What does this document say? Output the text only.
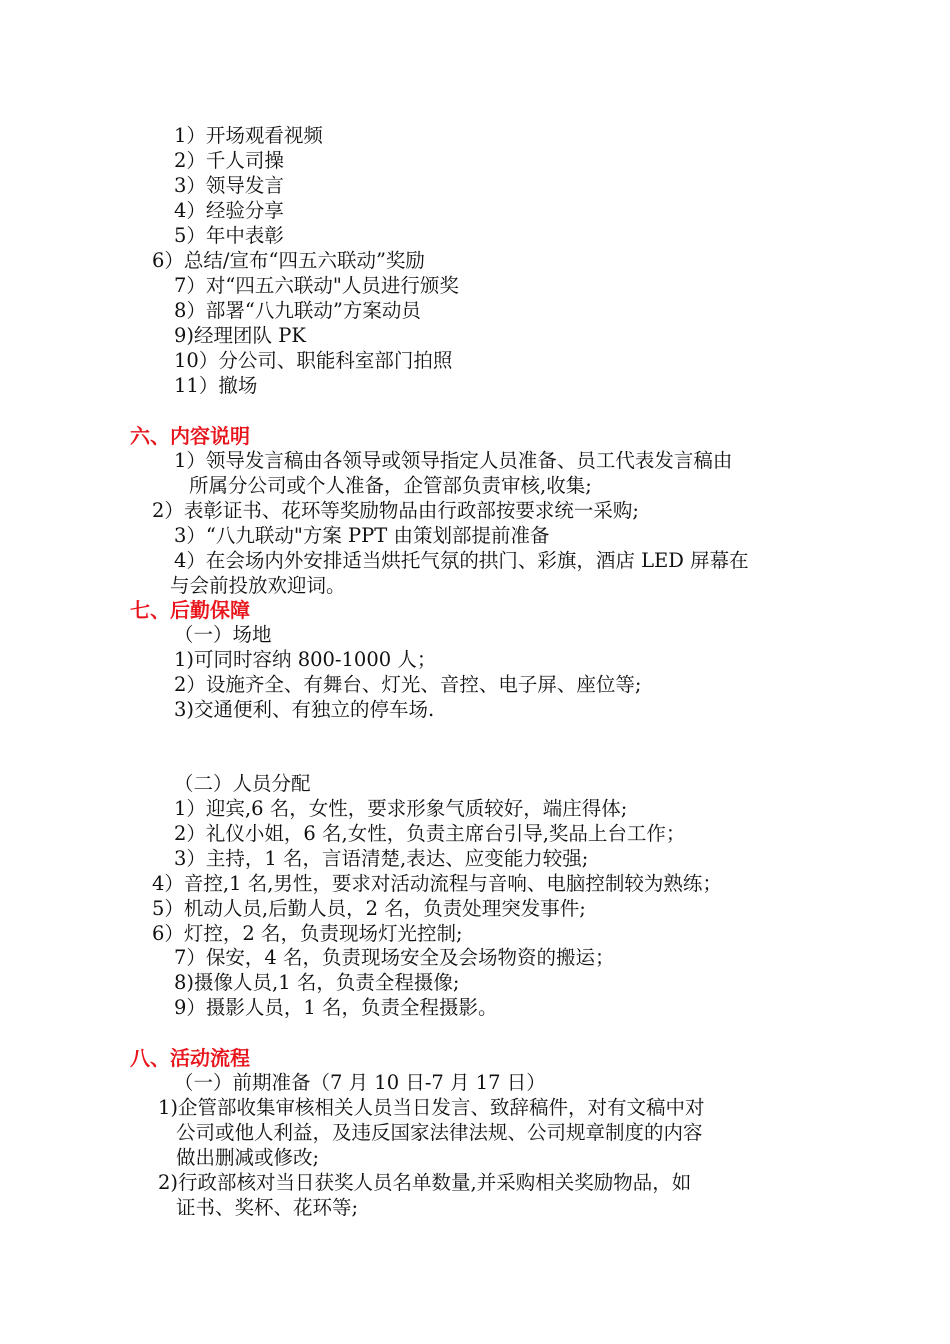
1）开场观看视频
2）千人司操
3）领导发言
4）经验分享
5）年中表彰
6）总结/宣布“四五六联动”奖励
7）对“四五六联动"人员进行颁奖
8）部署“八九联动”方案动员
9)经理团队 PK
10）分公司、职能科室部门拍照
11）撤场
六、内容说明
1）领导发言稿由各领导或领导指定人员准备、员工代表发言稿由
所属分公司或个人准备，企管部负责审核,收集;
2）表彰证书、花环等奖励物品由行政部按要求统一采购;
3）“八九联动"方案 PPT 由策划部提前准备
4）在会场内外安排适当烘托气氛的拱门、彩旗，酒店 LED 屏幕在
与会前投放欢迎词。
七、后勤保障
（一）场地
1)可同时容纳 800-1000 人；
2）设施齐全、有舞台、灯光、音控、电子屏、座位等;
3)交通便利、有独立的停车场.
（二）人员分配
1）迎宾,6 名，女性，要求形象气质较好，端庄得体;
2）礼仪小姐，6 名,女性，负责主席台引导,奖品上台工作；
3）主持，1 名，言语清楚,表达、应变能力较强;
4）音控,1 名,男性，要求对活动流程与音响、电脑控制较为熟练；
5）机动人员,后勤人员，2 名，负责处理突发事件;
6）灯控，2 名，负责现场灯光控制;
7）保安，4 名，负责现场安全及会场物资的搬运；
8)摄像人员,1 名，负责全程摄像;
9）摄影人员，1 名，负责全程摄影。
八、活动流程
（一）前期准备（7 月 10 日-7 月 17 日）
1)企管部收集审核相关人员当日发言、致辞稿件，对有文稿中对
公司或他人利益，及违反国家法律法规、公司规章制度的内容
做出删减或修改;
2)行政部核对当日获奖人员名单数量,并采购相关奖励物品，如
证书、奖杯、花环等;
